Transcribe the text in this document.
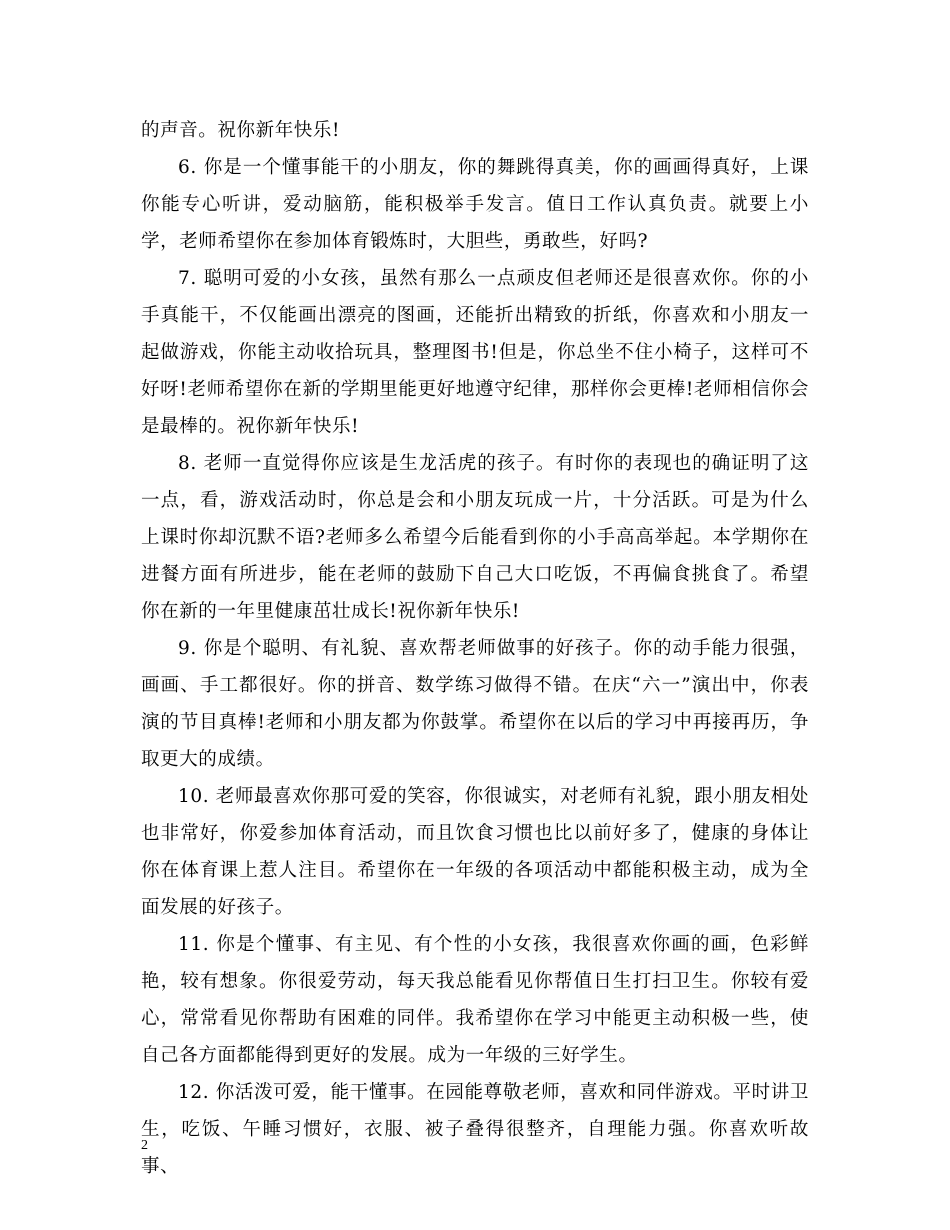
的声音。祝你新年快乐!

6. 你是一个懂事能干的小朋友，你的舞跳得真美，你的画画得真好，上课你能专心听讲，爱动脑筋，能积极举手发言。值日工作认真负责。就要上小学，老师希望你在参加体育锻炼时，大胆些，勇敢些，好吗?

7. 聪明可爱的小女孩，虽然有那么一点顽皮但老师还是很喜欢你。你的小手真能干，不仅能画出漂亮的图画，还能折出精致的折纸，你喜欢和小朋友一起做游戏，你能主动收拾玩具，整理图书!但是，你总坐不住小椅子，这样可不好呀!老师希望你在新的学期里能更好地遵守纪律，那样你会更棒!老师相信你会是最棒的。祝你新年快乐!

8. 老师一直觉得你应该是生龙活虎的孩子。有时你的表现也的确证明了这一点，看，游戏活动时，你总是会和小朋友玩成一片，十分活跃。可是为什么上课时你却沉默不语?老师多么希望今后能看到你的小手高高举起。本学期你在进餐方面有所进步，能在老师的鼓励下自己大口吃饭，不再偏食挑食了。希望你在新的一年里健康茁壮成长!祝你新年快乐!

9. 你是个聪明、有礼貌、喜欢帮老师做事的好孩子。你的动手能力很强，画画、手工都很好。你的拼音、数学练习做得不错。在庆“六一”演出中，你表演的节目真棒!老师和小朋友都为你鼓掌。希望你在以后的学习中再接再历，争取更大的成绩。

10. 老师最喜欢你那可爱的笑容，你很诚实，对老师有礼貌，跟小朋友相处也非常好，你爱参加体育活动，而且饮食习惯也比以前好多了，健康的身体让你在体育课上惹人注目。希望你在一年级的各项活动中都能积极主动，成为全面发展的好孩子。

11. 你是个懂事、有主见、有个性的小女孩，我很喜欢你画的画，色彩鲜艳，较有想象。你很爱劳动，每天我总能看见你帮值日生打扫卫生。你较有爱心，常常看见你帮助有困难的同伴。我希望你在学习中能更主动积极一些，使自己各方面都能得到更好的发展。成为一年级的三好学生。

12. 你活泼可爱，能干懂事。在园能尊敬老师，喜欢和同伴游戏。平时讲卫生，吃饭、午睡习惯好，衣服、被子叠得很整齐，自理能力强。你喜欢听故事、

2
